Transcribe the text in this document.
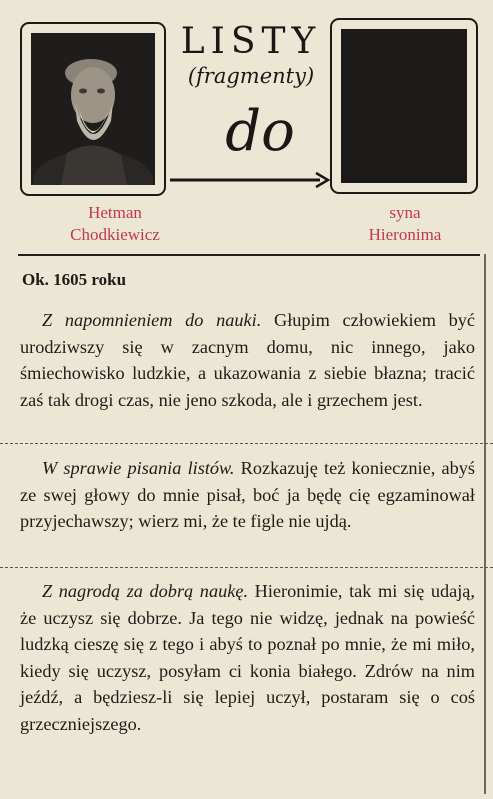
LISTY
(fragmenty)
do
Hetman
Chodkiewicz
syna
Hieronima
Ok. 1605 roku

Z napomnieniem do nauki. Głupim człowiekiem być urodziwszy się w zacnym domu, nic innego, jako śmiechowisko ludzkie, a ukazowania z siebie błazna; tracić zaś tak drogi czas, nie jeno szkoda, ale i grzechem jest.

W sprawie pisania listów. Rozkazuję też koniecznie, abyś ze swej głowy do mnie pisał, boć ja będę cię egzaminował przyjechawszy; wierz mi, że te figle nie ujdą.

Z nagrodą za dobrą naukę. Hieronimie, tak mi się udają, że uczysz się dobrze. Ja tego nie widzę, jednak na powieść ludzką cieszę się z tego i abyś to poznał po mnie, że mi miło, kiedy się uczysz, posyłam ci konia białego. Zdrów na nim jeźdź, a będziesz-li się lepiej uczył, postaram się o coś grzeczniejszego.
